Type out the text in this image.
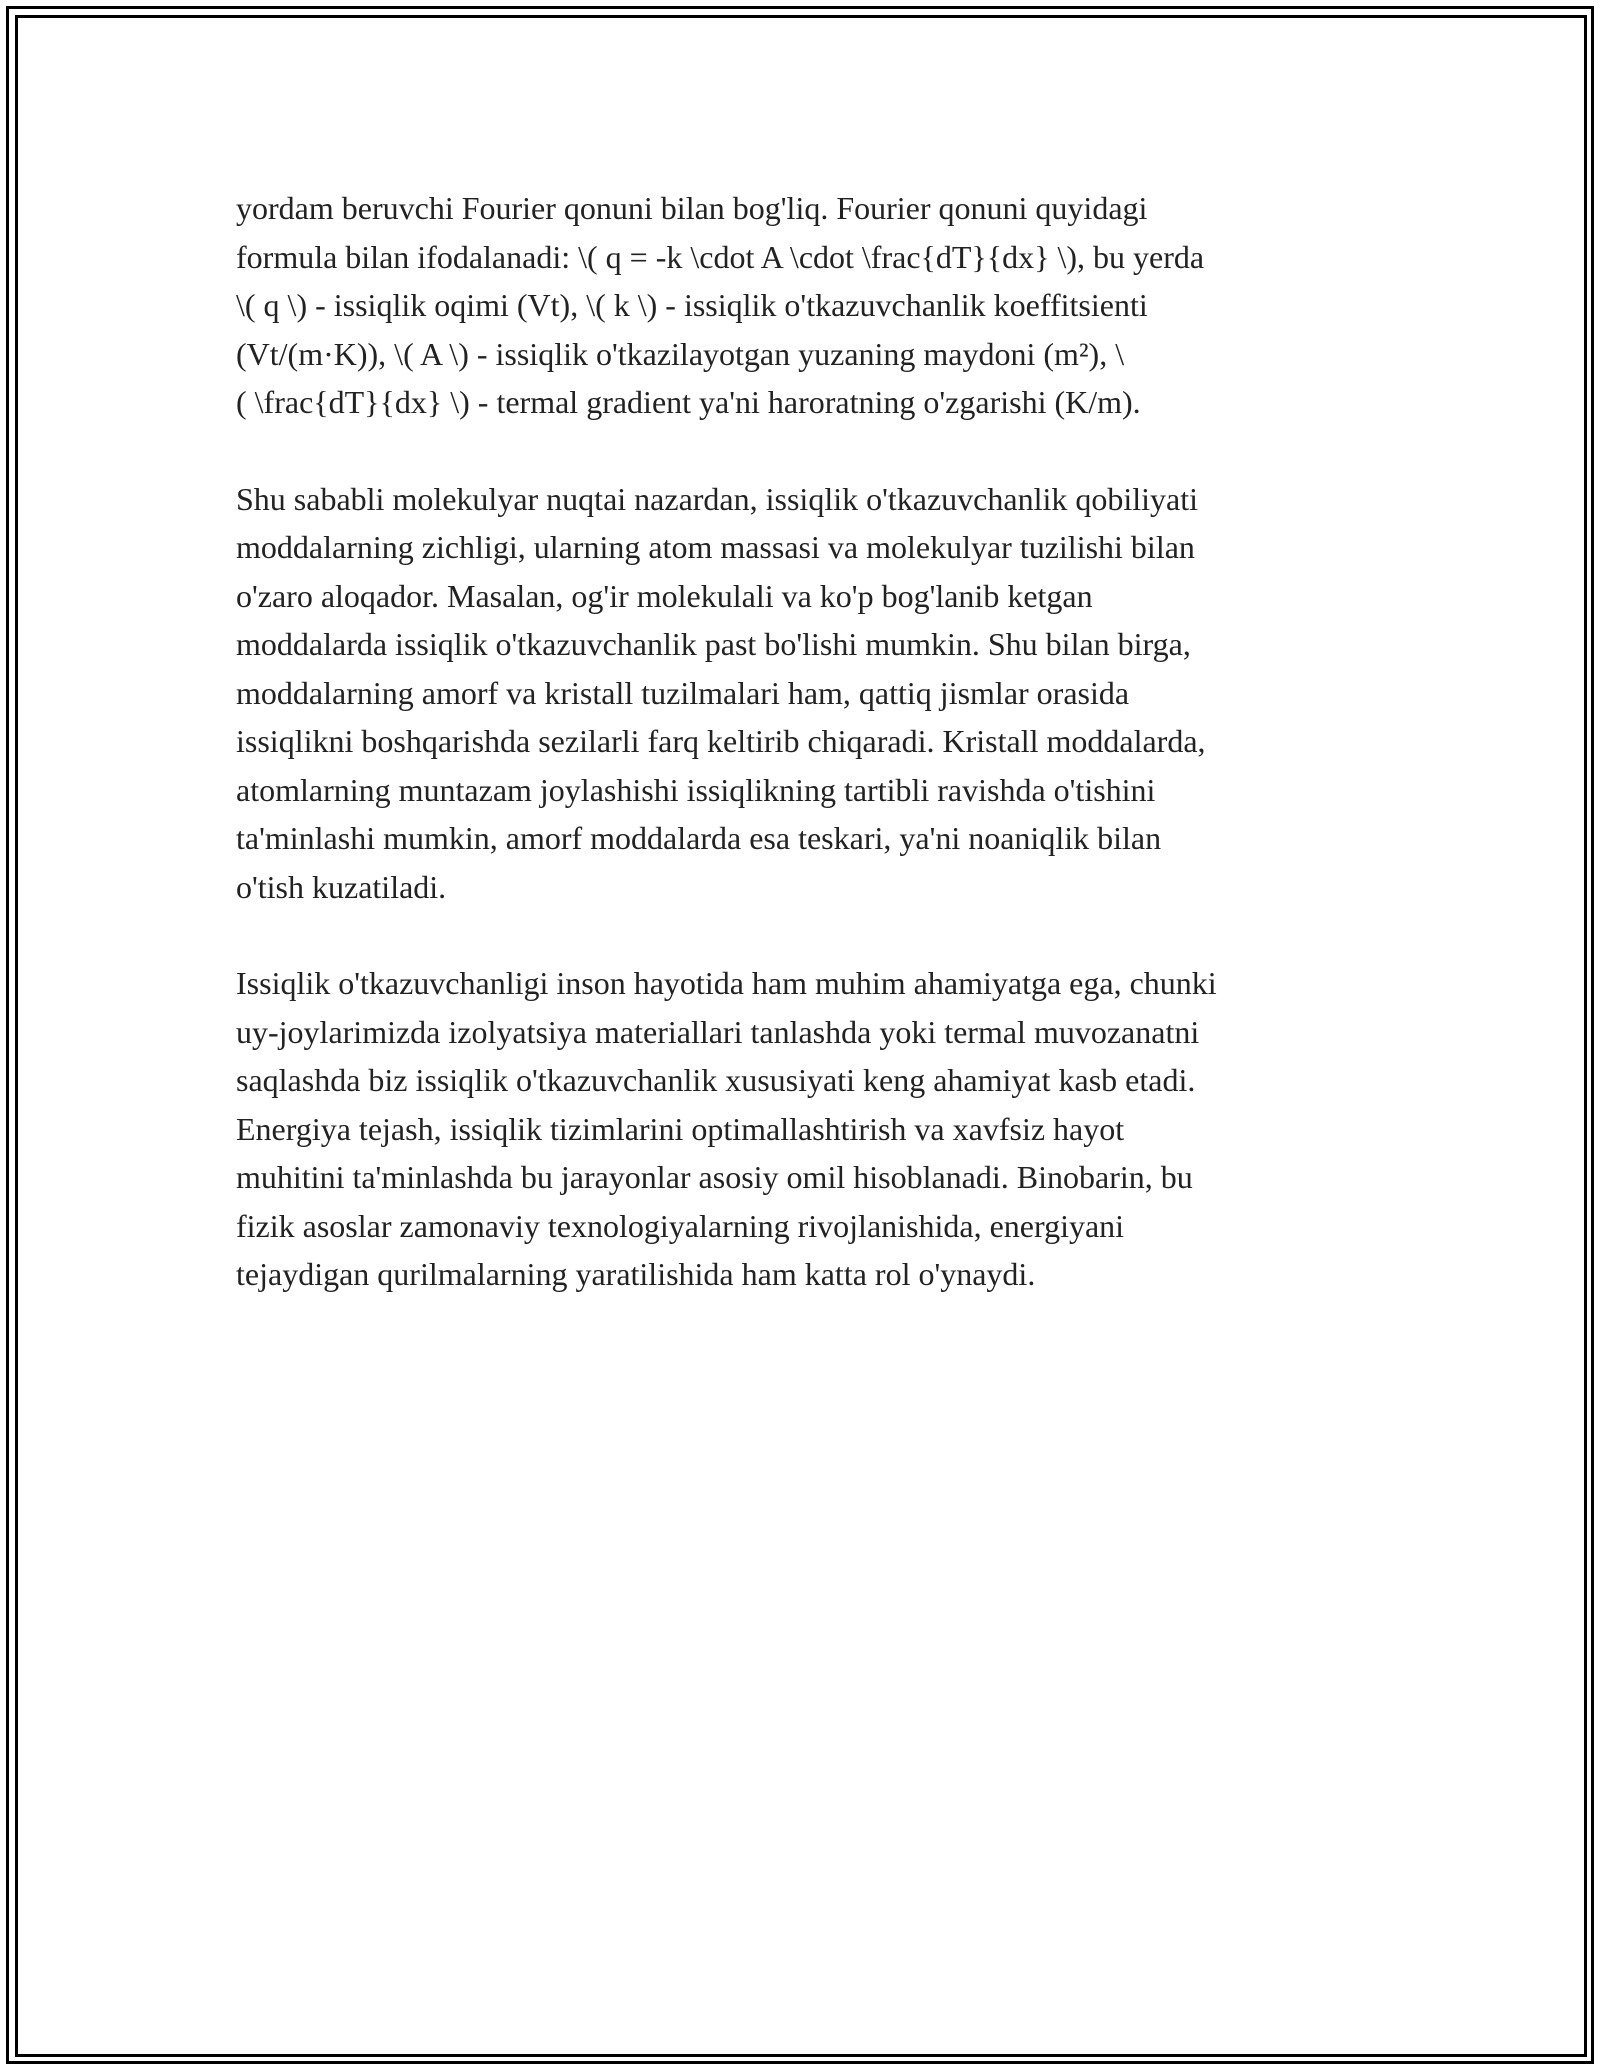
yordam beruvchi Fourier qonuni bilan bog'liq. Fourier qonuni quyidagi
formula bilan ifodalanadi: \( q = -k \cdot A \cdot \frac{dT}{dx} \), bu yerda
\( q \) - issiqlik oqimi (Vt), \( k \) - issiqlik o'tkazuvchanlik koeffitsienti
(Vt/(m·K)), \( A \) - issiqlik o'tkazilayotgan yuzaning maydoni (m²), \
( \frac{dT}{dx} \) - termal gradient ya'ni haroratning o'zgarishi (K/m).

Shu sababli molekulyar nuqtai nazardan, issiqlik o'tkazuvchanlik qobiliyati
moddalarning zichligi, ularning atom massasi va molekulyar tuzilishi bilan
o'zaro aloqador. Masalan, og'ir molekulali va ko'p bog'lanib ketgan
moddalarda issiqlik o'tkazuvchanlik past bo'lishi mumkin. Shu bilan birga,
moddalarning amorf va kristall tuzilmalari ham, qattiq jismlar orasida
issiqlikni boshqarishda sezilarli farq keltirib chiqaradi. Kristall moddalarda,
atomlarning muntazam joylashishi issiqlikning tartibli ravishda o'tishini
ta'minlashi mumkin, amorf moddalarda esa teskari, ya'ni noaniqlik bilan
o'tish kuzatiladi.

Issiqlik o'tkazuvchanligi inson hayotida ham muhim ahamiyatga ega, chunki
uy-joylarimizda izolyatsiya materiallari tanlashda yoki termal muvozanatni
saqlashda biz issiqlik o'tkazuvchanlik xususiyati keng ahamiyat kasb etadi.
Energiya tejash, issiqlik tizimlarini optimallashtirish va xavfsiz hayot
muhitini ta'minlashda bu jarayonlar asosiy omil hisoblanadi. Binobarin, bu
fizik asoslar zamonaviy texnologiyalarning rivojlanishida, energiyani
tejaydigan qurilmalarning yaratilishida ham katta rol o'ynaydi.
